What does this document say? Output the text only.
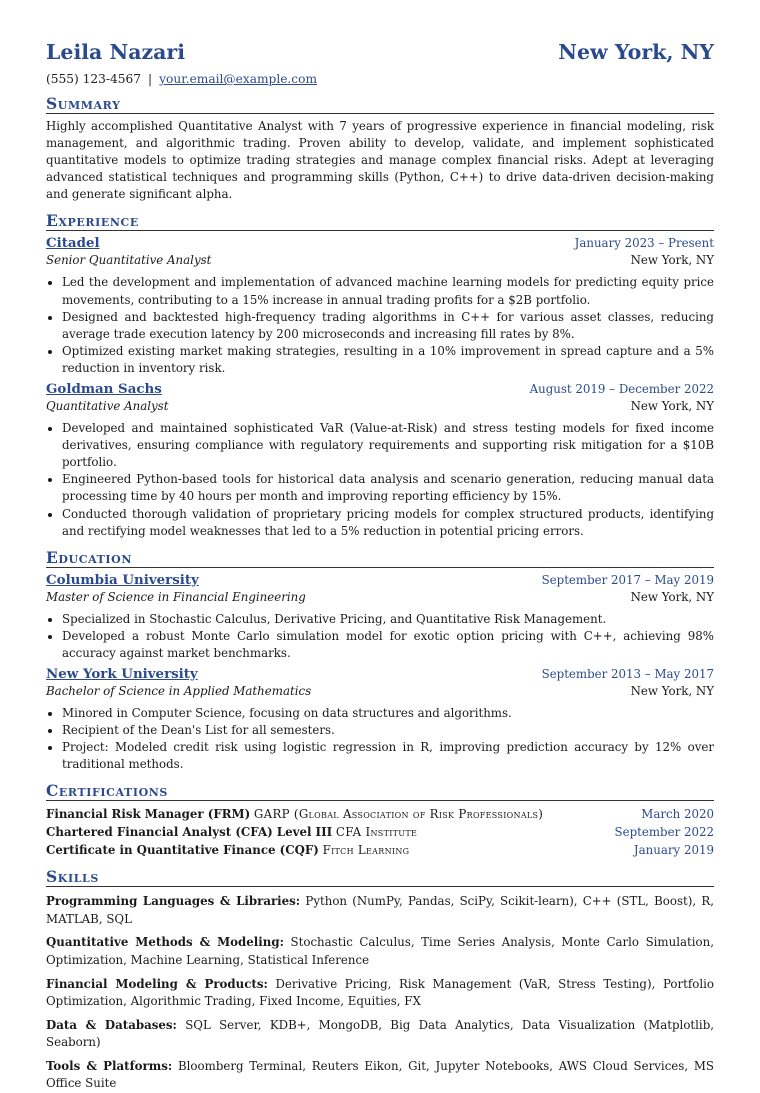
Leila Nazari	New York, NY
(555) 123-4567 | your.email@example.com
Summary
Highly accomplished Quantitative Analyst with 7 years of progressive experience in financial modeling, risk management, and algorithmic trading. Proven ability to develop, validate, and implement sophisticated quantitative models to optimize trading strategies and manage complex financial risks. Adept at leveraging advanced statistical techniques and programming skills (Python, C++) to drive data-driven decision-making and generate significant alpha.
Experience
Citadel	January 2023 – Present
Senior Quantitative Analyst	New York, NY
• Led the development and implementation of advanced machine learning models for predicting equity price movements, contributing to a 15% increase in annual trading profits for a $2B portfolio.
• Designed and backtested high-frequency trading algorithms in C++ for various asset classes, reducing average trade execution latency by 200 microseconds and increasing fill rates by 8%.
• Optimized existing market making strategies, resulting in a 10% improvement in spread capture and a 5% reduction in inventory risk.
Goldman Sachs	August 2019 – December 2022
Quantitative Analyst	New York, NY
• Developed and maintained sophisticated VaR (Value-at-Risk) and stress testing models for fixed income derivatives, ensuring compliance with regulatory requirements and supporting risk mitigation for a $10B portfolio.
• Engineered Python-based tools for historical data analysis and scenario generation, reducing manual data processing time by 40 hours per month and improving reporting efficiency by 15%.
• Conducted thorough validation of proprietary pricing models for complex structured products, identifying and rectifying model weaknesses that led to a 5% reduction in potential pricing errors.
Education
Columbia University	September 2017 – May 2019
Master of Science in Financial Engineering	New York, NY
• Specialized in Stochastic Calculus, Derivative Pricing, and Quantitative Risk Management.
• Developed a robust Monte Carlo simulation model for exotic option pricing with C++, achieving 98% accuracy against market benchmarks.
New York University	September 2013 – May 2017
Bachelor of Science in Applied Mathematics	New York, NY
• Minored in Computer Science, focusing on data structures and algorithms.
• Recipient of the Dean's List for all semesters.
• Project: Modeled credit risk using logistic regression in R, improving prediction accuracy by 12% over traditional methods.
Certifications
Financial Risk Manager (FRM) GARP (Global Association of Risk Professionals)	March 2020
Chartered Financial Analyst (CFA) Level III CFA Institute	September 2022
Certificate in Quantitative Finance (CQF) Fitch Learning	January 2019
Skills
Programming Languages & Libraries: Python (NumPy, Pandas, SciPy, Scikit-learn), C++ (STL, Boost), R, MATLAB, SQL
Quantitative Methods & Modeling: Stochastic Calculus, Time Series Analysis, Monte Carlo Simulation, Optimization, Machine Learning, Statistical Inference
Financial Modeling & Products: Derivative Pricing, Risk Management (VaR, Stress Testing), Portfolio Optimization, Algorithmic Trading, Fixed Income, Equities, FX
Data & Databases: SQL Server, KDB+, MongoDB, Big Data Analytics, Data Visualization (Matplotlib, Seaborn)
Tools & Platforms: Bloomberg Terminal, Reuters Eikon, Git, Jupyter Notebooks, AWS Cloud Services, MS Office Suite
